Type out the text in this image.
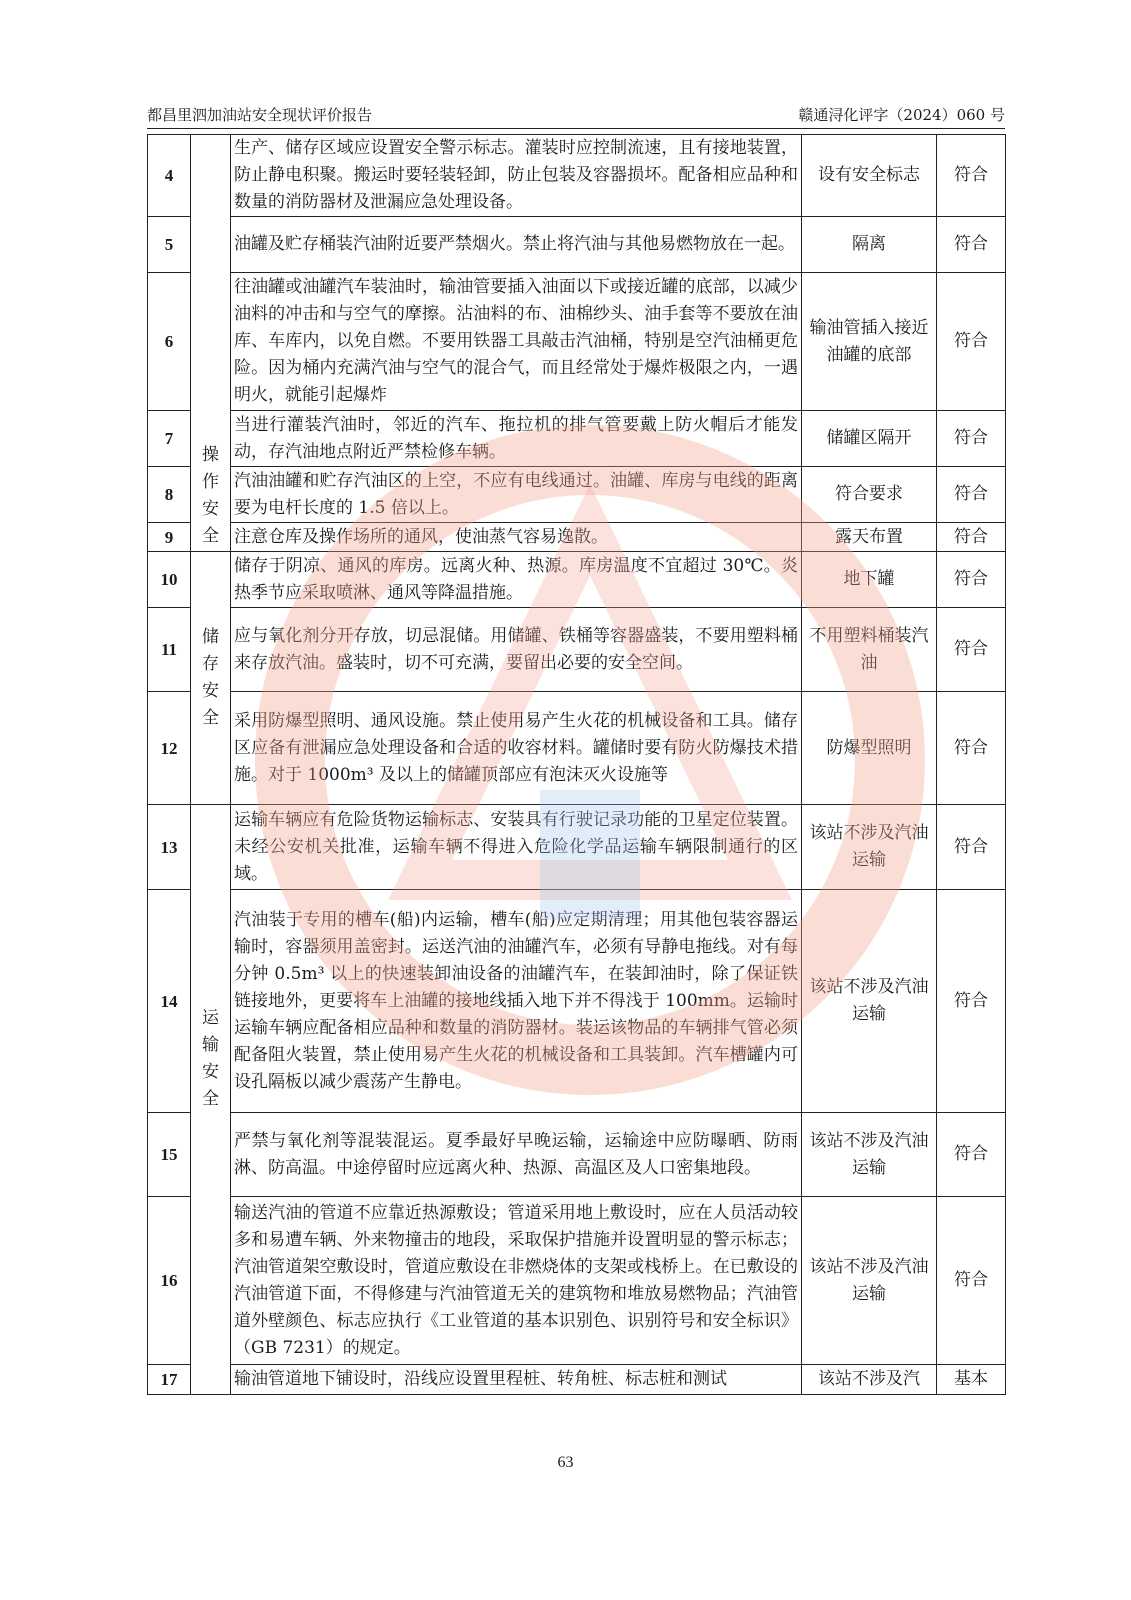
都昌里泗加油站安全现状评价报告	赣通浔化评字（2024）060 号
4	操作安全	生产、储存区域应设置安全警示标志。灌装时应控制流速，且有接地装置，防止静电积聚。搬运时要轻装轻卸，防止包装及容器损坏。配备相应品种和数量的消防器材及泄漏应急处理设备。	设有安全标志	符合
5		油罐及贮存桶装汽油附近要严禁烟火。禁止将汽油与其他易燃物放在一起。	隔离	符合
6		往油罐或油罐汽车装油时，输油管要插入油面以下或接近罐的底部，以减少油料的冲击和与空气的摩擦。沾油料的布、油棉纱头、油手套等不要放在油库、车库内，以免自燃。不要用铁器工具敲击汽油桶，特别是空汽油桶更危险。因为桶内充满汽油与空气的混合气，而且经常处于爆炸极限之内，一遇明火，就能引起爆炸	输油管插入接近油罐的底部	符合
7		当进行灌装汽油时，邻近的汽车、拖拉机的排气管要戴上防火帽后才能发动，存汽油地点附近严禁检修车辆。	储罐区隔开	符合
8		汽油油罐和贮存汽油区的上空，不应有电线通过。油罐、库房与电线的距离要为电杆长度的 1.5 倍以上。	符合要求	符合
9		注意仓库及操作场所的通风，使油蒸气容易逸散。	露天布置	符合
10	储存安全	储存于阴凉、通风的库房。远离火种、热源。库房温度不宜超过 30℃。炎热季节应采取喷淋、通风等降温措施。	地下罐	符合
11		应与氧化剂分开存放，切忌混储。用储罐、铁桶等容器盛装，不要用塑料桶来存放汽油。盛装时，切不可充满，要留出必要的安全空间。	不用塑料桶装汽油	符合
12		采用防爆型照明、通风设施。禁止使用易产生火花的机械设备和工具。储存区应备有泄漏应急处理设备和合适的收容材料。罐储时要有防火防爆技术措施。对于 1000m³ 及以上的储罐顶部应有泡沫灭火设施等	防爆型照明	符合
13	运输安全	运输车辆应有危险货物运输标志、安装具有行驶记录功能的卫星定位装置。未经公安机关批准，运输车辆不得进入危险化学品运输车辆限制通行的区域。	该站不涉及汽油运输	符合
14		汽油装于专用的槽车(船)内运输，槽车(船)应定期清理；用其他包装容器运输时，容器须用盖密封。运送汽油的油罐汽车，必须有导静电拖线。对有每分钟 0.5m³ 以上的快速装卸油设备的油罐汽车，在装卸油时，除了保证铁链接地外，更要将车上油罐的接地线插入地下并不得浅于 100mm。运输时运输车辆应配备相应品种和数量的消防器材。装运该物品的车辆排气管必须配备阻火装置，禁止使用易产生火花的机械设备和工具装卸。汽车槽罐内可设孔隔板以减少震荡产生静电。	该站不涉及汽油运输	符合
15		严禁与氧化剂等混装混运。夏季最好早晚运输，运输途中应防曝晒、防雨淋、防高温。中途停留时应远离火种、热源、高温区及人口密集地段。	该站不涉及汽油运输	符合
16		输送汽油的管道不应靠近热源敷设；管道采用地上敷设时，应在人员活动较多和易遭车辆、外来物撞击的地段，采取保护措施并设置明显的警示标志；汽油管道架空敷设时，管道应敷设在非燃烧体的支架或栈桥上。在已敷设的汽油管道下面，不得修建与汽油管道无关的建筑物和堆放易燃物品；汽油管道外壁颜色、标志应执行《工业管道的基本识别色、识别符号和安全标识》（GB 7231）的规定。	该站不涉及汽油运输	符合
17		输油管道地下铺设时，沿线应设置里程桩、转角桩、标志桩和测试	该站不涉及汽	基本
63
